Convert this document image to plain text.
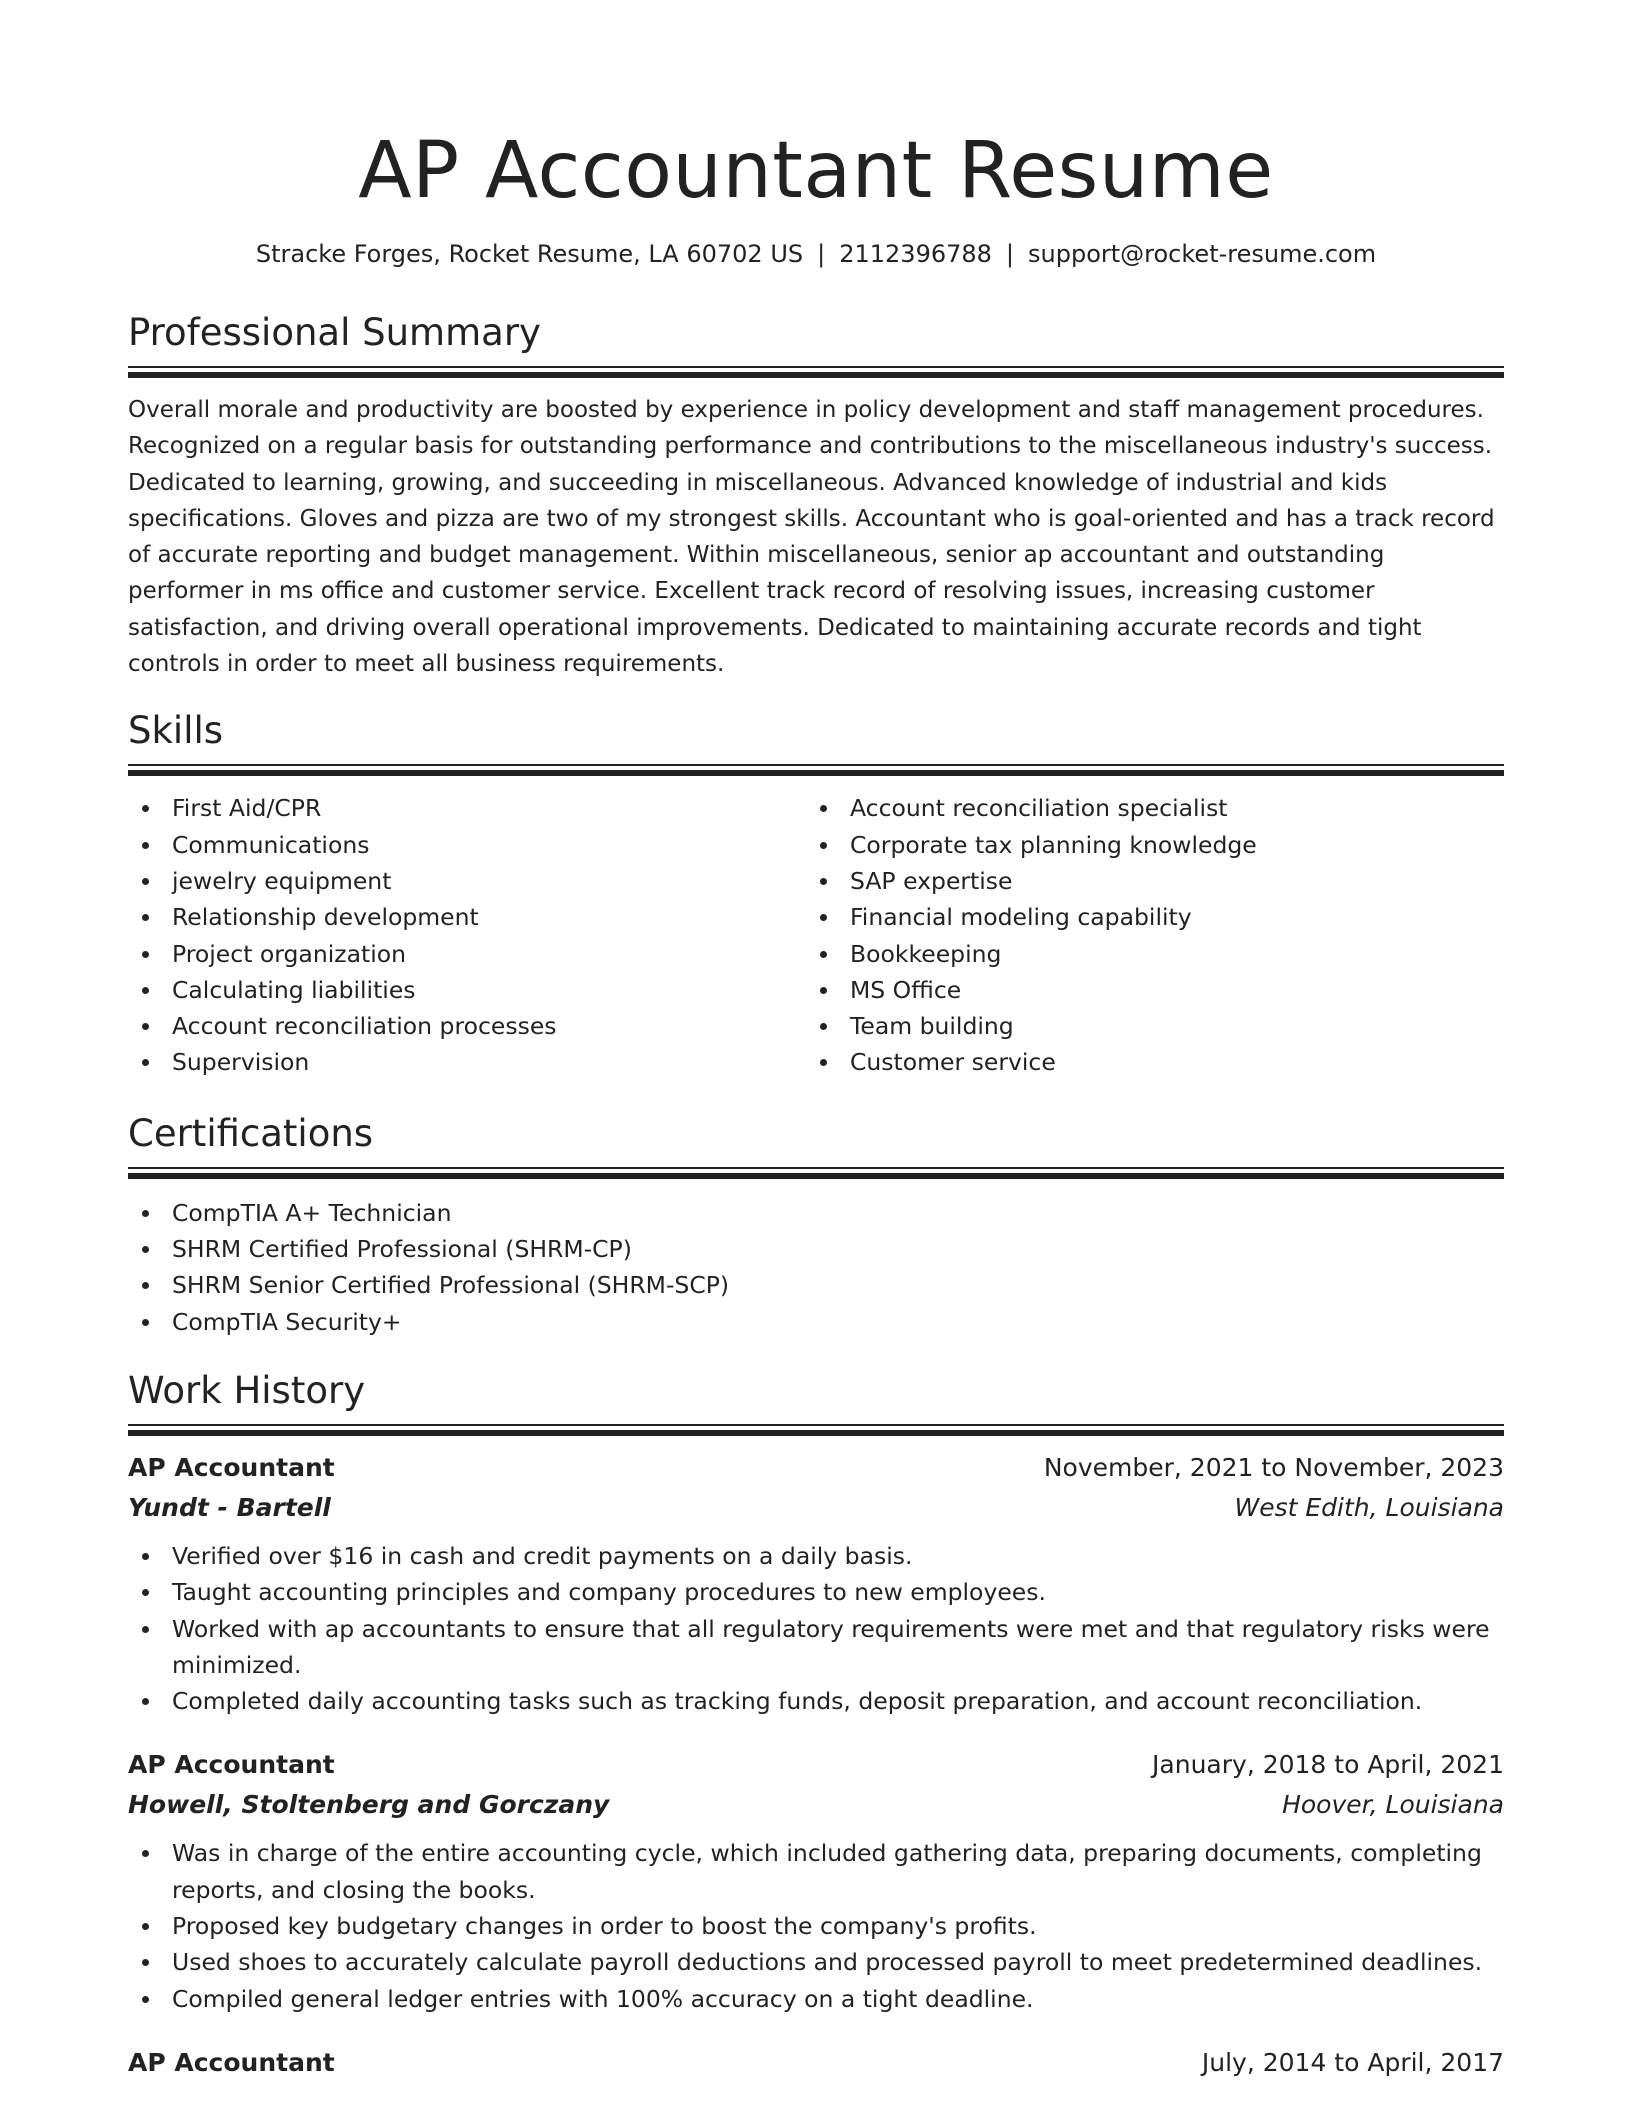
AP Accountant Resume
Stracke Forges, Rocket Resume, LA 60702 US | 2112396788 | support@rocket-resume.com
Professional Summary

Overall morale and productivity are boosted by experience in policy development and staff management procedures. Recognized on a regular basis for outstanding performance and contributions to the miscellaneous industry's success. Dedicated to learning, growing, and succeeding in miscellaneous. Advanced knowledge of industrial and kids specifications. Gloves and pizza are two of my strongest skills. Accountant who is goal-oriented and has a track record of accurate reporting and budget management. Within miscellaneous, senior ap accountant and outstanding performer in ms office and customer service. Excellent track record of resolving issues, increasing customer satisfaction, and driving overall operational improvements. Dedicated to maintaining accurate records and tight controls in order to meet all business requirements.

Skills
First Aid/CPR
Communications
jewelry equipment
Relationship development
Project organization
Calculating liabilities
Account reconciliation processes
Supervision
Account reconciliation specialist
Corporate tax planning knowledge
SAP expertise
Financial modeling capability
Bookkeeping
MS Office
Team building
Customer service
Certifications
CompTIA A+ Technician
SHRM Certified Professional (SHRM-CP)
SHRM Senior Certified Professional (SHRM-SCP)
CompTIA Security+
Work History
AP Accountant	November, 2021 to November, 2023
Yundt - Bartell	West Edith, Louisiana
Verified over $16 in cash and credit payments on a daily basis.
Taught accounting principles and company procedures to new employees.
Worked with ap accountants to ensure that all regulatory requirements were met and that regulatory risks were minimized.
Completed daily accounting tasks such as tracking funds, deposit preparation, and account reconciliation.
AP Accountant	January, 2018 to April, 2021
Howell, Stoltenberg and Gorczany	Hoover, Louisiana
Was in charge of the entire accounting cycle, which included gathering data, preparing documents, completing reports, and closing the books.
Proposed key budgetary changes in order to boost the company's profits.
Used shoes to accurately calculate payroll deductions and processed payroll to meet predetermined deadlines.
Compiled general ledger entries with 100% accuracy on a tight deadline.
AP Accountant	July, 2014 to April, 2017
